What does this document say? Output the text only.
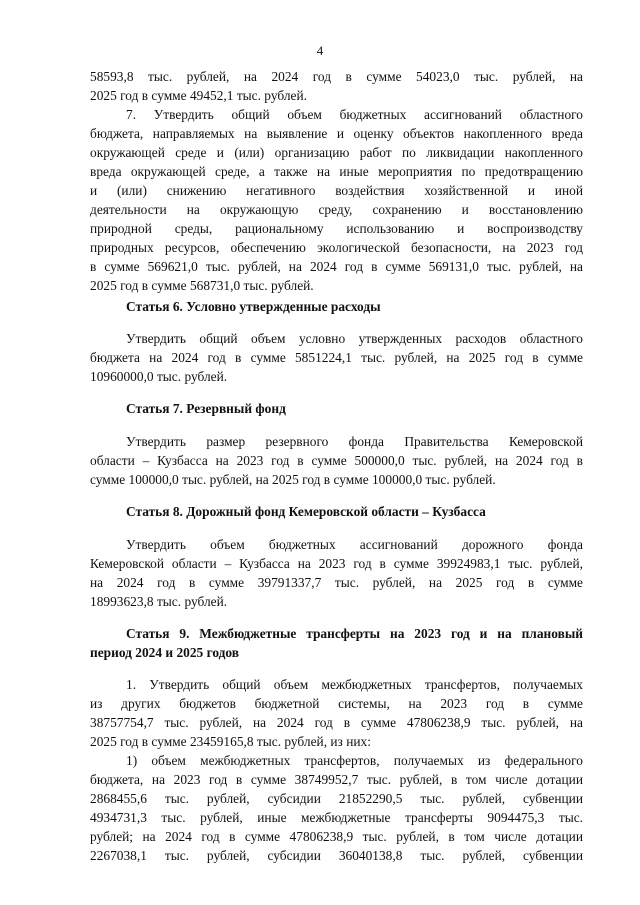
4
58593,8 тыс. рублей, на 2024 год в сумме 54023,0 тыс. рублей, на
2025 год в сумме 49452,1 тыс. рублей.
7. Утвердить общий объем бюджетных ассигнований областного
бюджета, направляемых на выявление и оценку объектов накопленного вреда
окружающей среде и (или) организацию работ по ликвидации накопленного
вреда окружающей среде, а также на иные мероприятия по предотвращению
и (или) снижению негативного воздействия хозяйственной и иной
деятельности на окружающую среду, сохранению и восстановлению
природной среды, рациональному использованию и воспроизводству
природных ресурсов, обеспечению экологической безопасности, на 2023 год
в сумме 569621,0 тыс. рублей, на 2024 год в сумме 569131,0 тыс. рублей, на
2025 год в сумме 568731,0 тыс. рублей.
Статья 6. Условно утвержденные расходы
Утвердить общий объем условно утвержденных расходов областного
бюджета на 2024 год в сумме 5851224,1 тыс. рублей, на 2025 год в сумме
10960000,0 тыс. рублей.
Статья 7. Резервный фонд
Утвердить размер резервного фонда Правительства Кемеровской
области – Кузбасса на 2023 год в сумме 500000,0 тыс. рублей, на 2024 год в
сумме 100000,0 тыс. рублей, на 2025 год в сумме 100000,0 тыс. рублей.
Статья 8. Дорожный фонд Кемеровской области – Кузбасса
Утвердить объем бюджетных ассигнований дорожного фонда
Кемеровской области – Кузбасса на 2023 год в сумме 39924983,1 тыс. рублей,
на 2024 год в сумме 39791337,7 тыс. рублей, на 2025 год в сумме
18993623,8 тыс. рублей.
Статья 9. Межбюджетные трансферты на 2023 год и на плановый
период 2024 и 2025 годов
1. Утвердить общий объем межбюджетных трансфертов, получаемых
из других бюджетов бюджетной системы, на 2023 год в сумме
38757754,7 тыс. рублей, на 2024 год в сумме 47806238,9 тыс. рублей, на
2025 год в сумме 23459165,8 тыс. рублей, из них:
1) объем межбюджетных трансфертов, получаемых из федерального
бюджета, на 2023 год в сумме 38749952,7 тыс. рублей, в том числе дотации
2868455,6 тыс. рублей, субсидии 21852290,5 тыс. рублей, субвенции
4934731,3 тыс. рублей, иные межбюджетные трансферты 9094475,3 тыс.
рублей; на 2024 год в сумме 47806238,9 тыс. рублей, в том числе дотации
2267038,1 тыс. рублей, субсидии 36040138,8 тыс. рублей, субвенции
